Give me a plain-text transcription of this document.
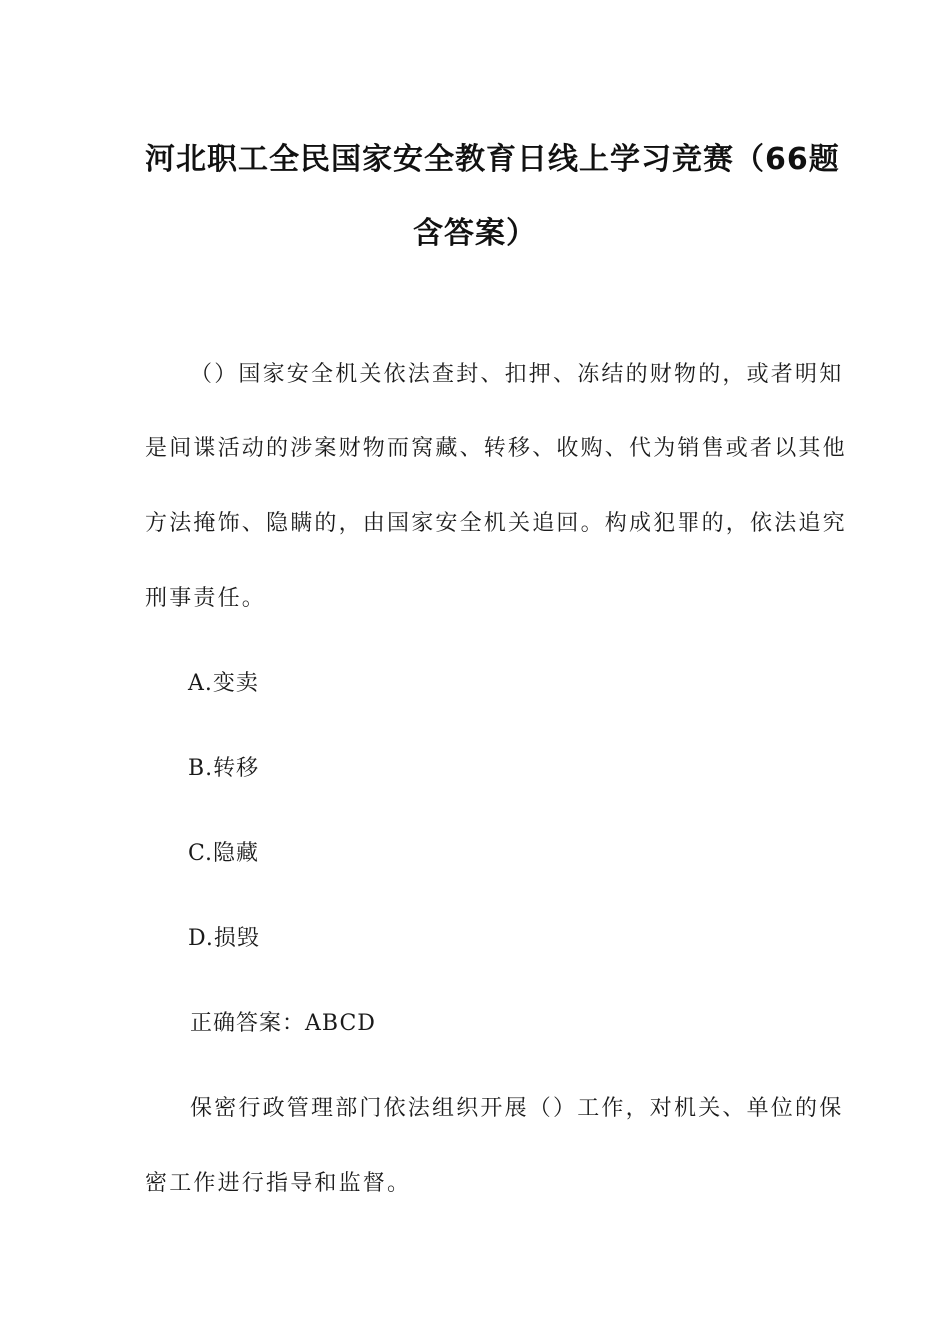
河北职工全民国家安全教育日线上学习竞赛（66题
含答案）
（）国家安全机关依法查封、扣押、冻结的财物的，或者明知
是间谍活动的涉案财物而窝藏、转移、收购、代为销售或者以其他
方法掩饰、隐瞒的，由国家安全机关追回。构成犯罪的，依法追究
刑事责任。
A.变卖
B.转移
C.隐藏
D.损毁
正确答案：ABCD
保密行政管理部门依法组织开展（）工作，对机关、单位的保
密工作进行指导和监督。
